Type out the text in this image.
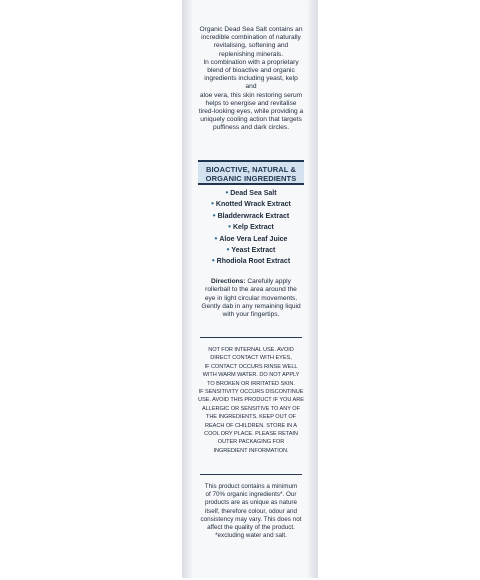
Organic Dead Sea Salt contains an
incredible combination of naturally
revitalising, softening and
replenishing minerals.
In combination with a proprietary
blend of bioactive and organic
ingredients including yeast, kelp and
aloe vera, this skin restoring serum
helps to energise and revitalise
tired-looking eyes, while providing a
uniquely cooling action that targets
puffiness and dark circles.
BIOACTIVE, NATURAL &
ORGANIC INGREDIENTS
• Dead Sea Salt
• Knotted Wrack Extract
• Bladderwrack Extract
• Kelp Extract
• Aloe Vera Leaf Juice
• Yeast Extract
• Rhodiola Root Extract
Directions: Carefully apply
rollerball to the area around the
eye in light circular movements.
Gently dab in any remaining liquid
with your fingertips.
NOT FOR INTERNAL USE. AVOID
DIRECT CONTACT WITH EYES,
IF CONTACT OCCURS RINSE WELL
WITH WARM WATER. DO NOT APPLY
TO BROKEN OR IRRITATED SKIN.
IF SENSITIVITY OCCURS DISCONTINUE
USE. AVOID THIS PRODUCT IF YOU ARE
ALLERGIC OR SENSITIVE TO ANY OF
THE INGREDIENTS. KEEP OUT OF
REACH OF CHILDREN. STORE IN A
COOL DRY PLACE. PLEASE RETAIN
OUTER PACKAGING FOR
INGREDIENT INFORMATION.
This product contains a minimum
of 70% organic ingredients*. Our
products are as unique as nature
itself, therefore colour, odour and
consistency may vary. This does not
affect the quality of the product.
*excluding water and salt.
